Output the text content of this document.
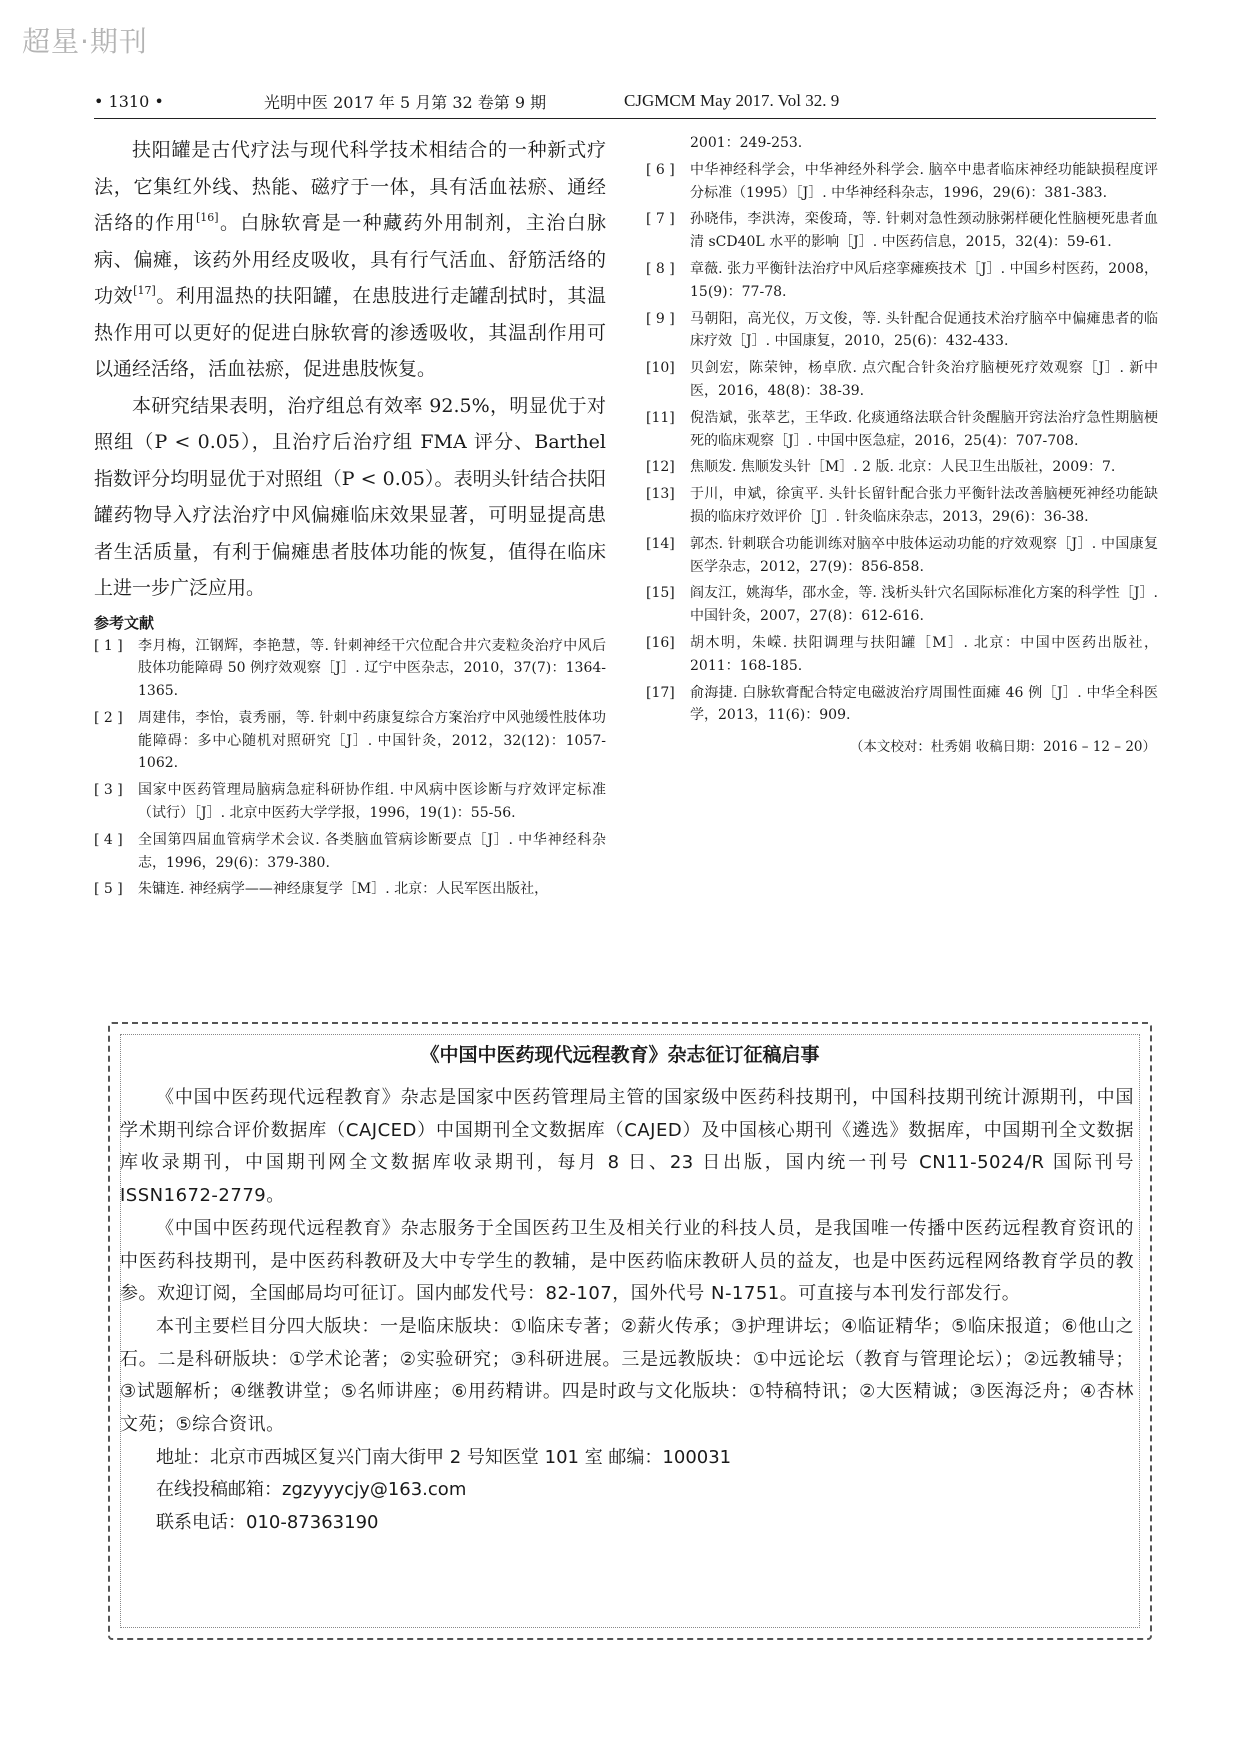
超星·期刊
• 1310 •	光明中医 2017 年 5 月第 32 卷第 9 期	CJGMCM May 2017. Vol 32. 9

扶阳罐是古代疗法与现代科学技术相结合的一种新式疗法，它集红外线、热能、磁疗于一体，具有活血祛瘀、通经活络的作用[16]。白脉软膏是一种藏药外用制剂，主治白脉病、偏瘫，该药外用经皮吸收，具有行气活血、舒筋活络的功效[17]。利用温热的扶阳罐，在患肢进行走罐刮拭时，其温热作用可以更好的促进白脉软膏的渗透吸收，其温刮作用可以通经活络，活血祛瘀，促进患肢恢复。

本研究结果表明，治疗组总有效率 92.5%，明显优于对照组（P < 0.05），且治疗后治疗组 FMA 评分、Barthel 指数评分均明显优于对照组（P < 0.05）。表明头针结合扶阳罐药物导入疗法治疗中风偏瘫临床效果显著，可明显提高患者生活质量，有利于偏瘫患者肢体功能的恢复，值得在临床上进一步广泛应用。

参考文献
[ 1 ]	李月梅，江钢辉，李艳慧，等. 针刺神经干穴位配合井穴麦粒灸治疗中风后肢体功能障碍 50 例疗效观察［J］. 辽宁中医杂志，2010，37(7)：1364-1365.
[ 2 ]	周建伟，李怡，袁秀丽，等. 针刺中药康复综合方案治疗中风弛缓性肢体功能障碍：多中心随机对照研究［J］. 中国针灸，2012，32(12)：1057-1062.
[ 3 ]	国家中医药管理局脑病急症科研协作组. 中风病中医诊断与疗效评定标准（试行）［J］. 北京中医药大学学报，1996，19(1)：55-56.
[ 4 ]	全国第四届血管病学术会议. 各类脑血管病诊断要点［J］. 中华神经科杂志，1996，29(6)：379-380.
[ 5 ]	朱镛连. 神经病学——神经康复学［M］. 北京：人民军医出版社，
2001：249-253.
[ 6 ]	中华神经科学会，中华神经外科学会. 脑卒中患者临床神经功能缺损程度评分标准（1995）［J］. 中华神经科杂志，1996，29(6)：381-383.
[ 7 ]	孙晓伟，李洪涛，栾俊琦，等. 针刺对急性颈动脉粥样硬化性脑梗死患者血清 sCD40L 水平的影响［J］. 中医药信息，2015，32(4)：59-61.
[ 8 ]	章薇. 张力平衡针法治疗中风后痉挛瘫痪技术［J］. 中国乡村医药，2008，15(9)：77-78.
[ 9 ]	马朝阳，高光仪，万文俊，等. 头针配合促通技术治疗脑卒中偏瘫患者的临床疗效［J］. 中国康复，2010，25(6)：432-433.
[10]	贝剑宏，陈荣钟，杨卓欣. 点穴配合针灸治疗脑梗死疗效观察［J］. 新中医，2016，48(8)：38-39.
[11]	倪浩斌，张萃艺，王华政. 化痰通络法联合针灸醒脑开窍法治疗急性期脑梗死的临床观察［J］. 中国中医急症，2016，25(4)：707-708.
[12]	焦顺发. 焦顺发头针［M］. 2 版. 北京：人民卫生出版社，2009：7.
[13]	于川，申斌，徐寅平. 头针长留针配合张力平衡针法改善脑梗死神经功能缺损的临床疗效评价［J］. 针灸临床杂志，2013，29(6)：36-38.
[14]	郭杰. 针刺联合功能训练对脑卒中肢体运动功能的疗效观察［J］. 中国康复医学杂志，2012，27(9)：856-858.
[15]	阎友江，姚海华，邵水金，等. 浅析头针穴名国际标准化方案的科学性［J］. 中国针灸，2007，27(8)：612-616.
[16]	胡木明，朱嵘. 扶阳调理与扶阳罐［M］. 北京：中国中医药出版社，2011：168-185.
[17]	俞海捷. 白脉软膏配合特定电磁波治疗周围性面瘫 46 例［J］. 中华全科医学，2013，11(6)：909.
（本文校对：杜秀娟 收稿日期：2016 – 12 – 20）
《中国中医药现代远程教育》杂志征订征稿启事

《中国中医药现代远程教育》杂志是国家中医药管理局主管的国家级中医药科技期刊，中国科技期刊统计源期刊，中国学术期刊综合评价数据库（CAJCED）中国期刊全文数据库（CAJED）及中国核心期刊《遴选》数据库，中国期刊全文数据库收录期刊，中国期刊网全文数据库收录期刊，每月 8 日、23 日出版，国内统一刊号 CN11-5024/R 国际刊号 ISSN1672-2779。

《中国中医药现代远程教育》杂志服务于全国医药卫生及相关行业的科技人员，是我国唯一传播中医药远程教育资讯的中医药科技期刊，是中医药科教研及大中专学生的教辅，是中医药临床教研人员的益友，也是中医药远程网络教育学员的教参。欢迎订阅，全国邮局均可征订。国内邮发代号：82-107，国外代号 N-1751。可直接与本刊发行部发行。

本刊主要栏目分四大版块：一是临床版块：①临床专著；②薪火传承；③护理讲坛；④临证精华；⑤临床报道；⑥他山之石。二是科研版块：①学术论著；②实验研究；③科研进展。三是远教版块：①中远论坛（教育与管理论坛）；②远教辅导；③试题解析；④继教讲堂；⑤名师讲座；⑥用药精讲。四是时政与文化版块：①特稿特讯；②大医精诚；③医海泛舟；④杏林文苑；⑤综合资讯。

地址：北京市西城区复兴门南大街甲 2 号知医堂 101 室 邮编：100031

在线投稿邮箱：zgzyyycjy@163.com

联系电话：010-87363190
